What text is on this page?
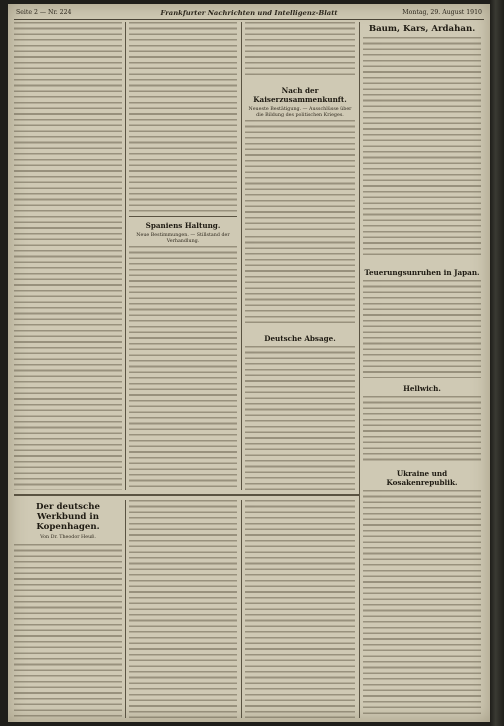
Seite 2 — Nr. 224	Frankfurter Nachrichten und Intelligenz-Blatt	Montag, 29. August 1910
Spaniens Haltung.
Neue Bestimmungen. — Stillstand der Verhandlung.
Nach der Kaiserzusammenkunft.
Neueste Bestätigung. — Ausschlüsse über die Bildung des politischen Krieges.
Deutsche Absage.
Baum, Kars, Ardahan.
Teuerungsunruhen in Japan.
Hellwich.
Ukraine und Kosakenrepublik.
Der deutsche Werkbund in Kopenhagen.
Von Dr. Theodor Heuß.
